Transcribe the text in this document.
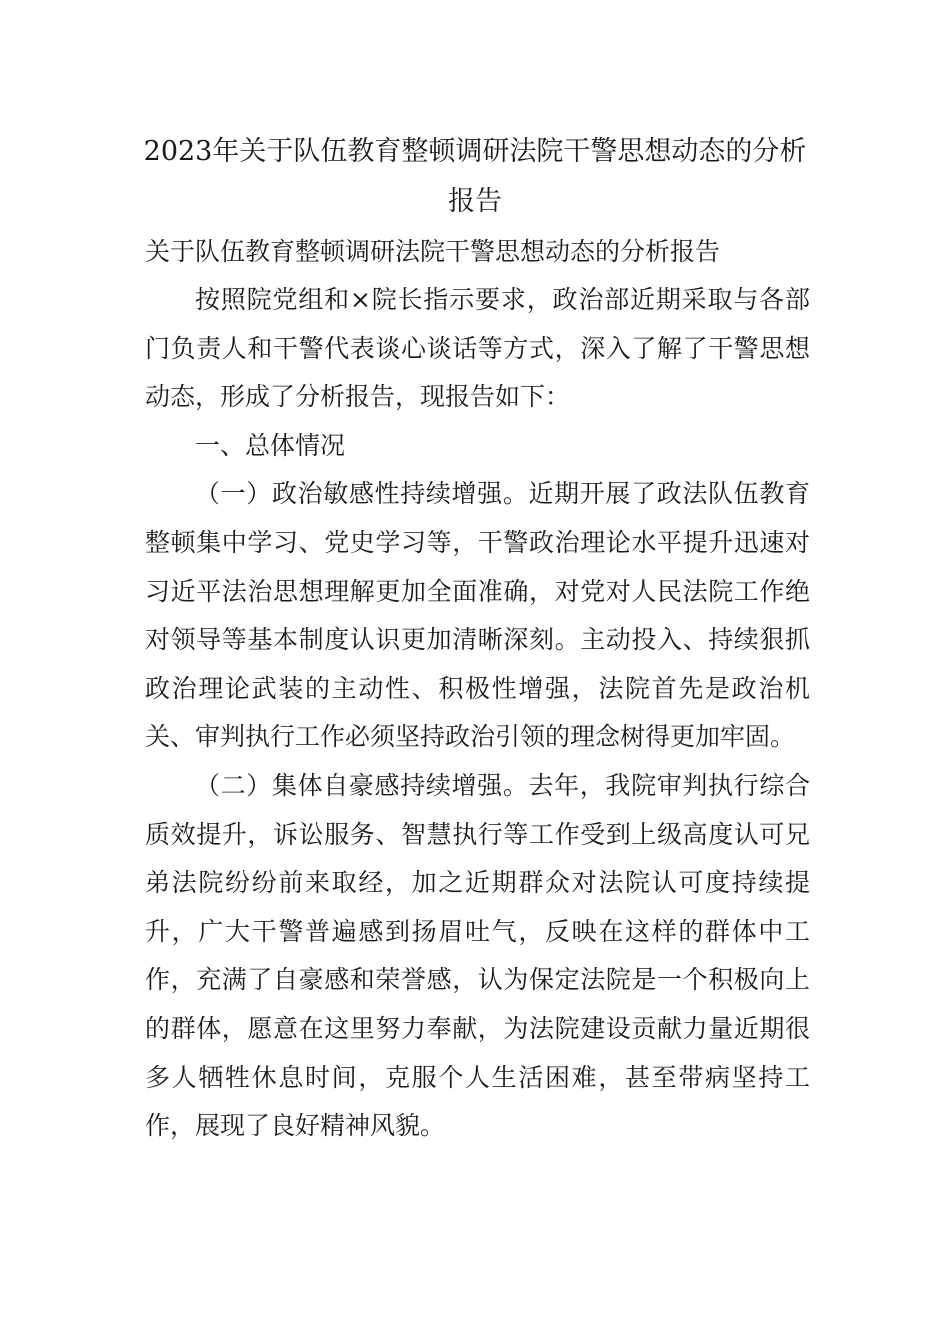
2023年关于队伍教育整顿调研法院干警思想动态的分析报告
关于队伍教育整顿调研法院干警思想动态的分析报告

按照院党组和×院长指示要求，政治部近期采取与各部门负责人和干警代表谈心谈话等方式，深入了解了干警思想动态，形成了分析报告，现报告如下：

一、总体情况

（一）政治敏感性持续增强。近期开展了政法队伍教育整顿集中学习、党史学习等，干警政治理论水平提升迅速对习近平法治思想理解更加全面准确，对党对人民法院工作绝对领导等基本制度认识更加清晰深刻。主动投入、持续狠抓政治理论武装的主动性、积极性增强，法院首先是政治机关、审判执行工作必须坚持政治引领的理念树得更加牢固。

（二）集体自豪感持续增强。去年，我院审判执行综合质效提升，诉讼服务、智慧执行等工作受到上级高度认可兄弟法院纷纷前来取经，加之近期群众对法院认可度持续提升，广大干警普遍感到扬眉吐气，反映在这样的群体中工作，充满了自豪感和荣誉感，认为保定法院是一个积极向上的群体，愿意在这里努力奉献，为法院建设贡献力量近期很多人牺牲休息时间，克服个人生活困难，甚至带病坚持工作，展现了良好精神风貌。
